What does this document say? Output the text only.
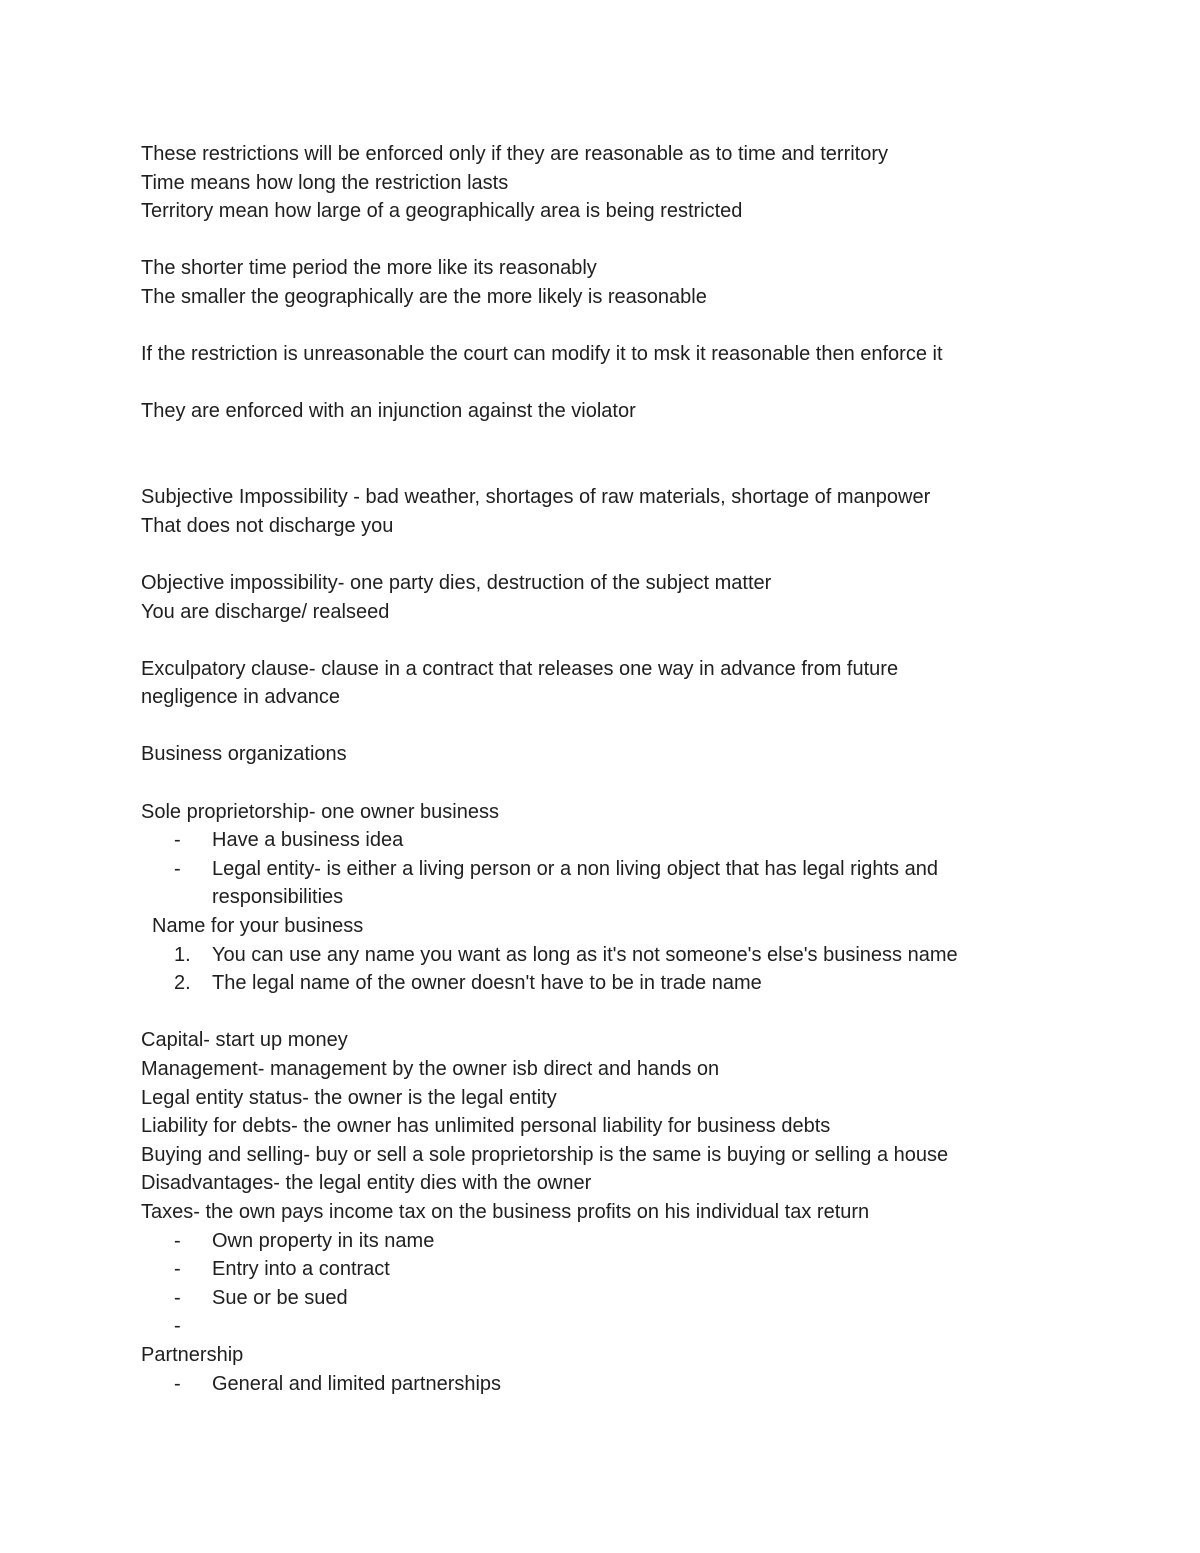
These restrictions will be enforced only if they are reasonable as to time and territory
Time means how long the restriction lasts
Territory mean how large of a geographically area is being restricted
The shorter time period the more like its reasonably
The smaller the geographically are the more likely is reasonable
If the restriction is unreasonable the court can modify it to msk it reasonable then enforce it
They are enforced with an injunction against the violator
Subjective Impossibility - bad weather, shortages of raw materials, shortage of manpower
That does not discharge you
Objective impossibility- one party dies, destruction of the subject matter
You are discharge/ realseed
Exculpatory clause- clause in a contract that releases one way in advance from future
negligence in advance
Business organizations
Sole proprietorship- one owner business
- Have a business idea
- Legal entity- is either a living person or a non living object that has legal rights and
responsibilities
Name for your business
1. You can use any name you want as long as it's not someone's else's business name
2. The legal name of the owner doesn't have to be in trade name
Capital- start up money
Management- management by the owner isb direct and hands on
Legal entity status- the owner is the legal entity
Liability for debts- the owner has unlimited personal liability for business debts
Buying and selling- buy or sell a sole proprietorship is the same is buying or selling a house
Disadvantages- the legal entity dies with the owner
Taxes- the own pays income tax on the business profits on his individual tax return
- Own property in its name
- Entry into a contract
- Sue or be sued
-
Partnership
- General and limited partnerships
